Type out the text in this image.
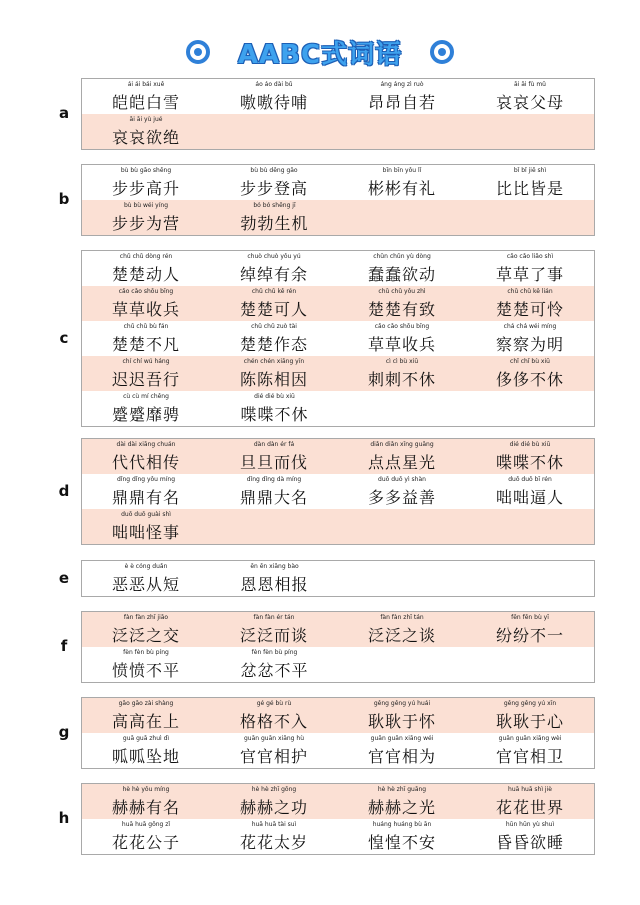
AABC式词语
a
ái ái bái xuě
皑皑白雪
áo áo dài bǔ
嗷嗷待哺
áng áng zì ruò
昂昂自若
āi āi fù mǔ
哀哀父母
āi āi yù jué
哀哀欲绝
b
bù bù gāo shēng
步步高升
bù bù dēng gāo
步步登高
bīn bīn yǒu lǐ
彬彬有礼
bǐ bǐ jiē shì
比比皆是
bù bù wéi yíng
步步为营
bó bó shēng jī
勃勃生机
c
chǔ chǔ dòng rén
楚楚动人
chuò chuò yǒu yú
绰绰有余
chǔn chǔn yù dòng
蠢蠢欲动
cǎo cǎo liǎo shì
草草了事
cǎo cǎo shōu bīng
草草收兵
chǔ chǔ kě rén
楚楚可人
chǔ chǔ yǒu zhì
楚楚有致
chǔ chǔ kě lián
楚楚可怜
chǔ chǔ bù fán
楚楚不凡
chǔ chǔ zuò tài
楚楚作态
cǎo cǎo shōu bīng
草草收兵
chá chá wéi míng
察察为明
chí chí wú háng
迟迟吾行
chén chén xiāng yīn
陈陈相因
cì cì bù xiū
刺刺不休
chǐ chǐ bù xiū
侈侈不休
cù cù mí chěng
蹙蹙靡骋
dié dié bù xiū
喋喋不休
d
dài dài xiāng chuán
代代相传
dàn dàn ér fá
旦旦而伐
diǎn diǎn xīng guāng
点点星光
dié dié bù xiū
喋喋不休
dǐng dǐng yǒu míng
鼎鼎有名
dǐng dǐng dà míng
鼎鼎大名
duō duō yì shàn
多多益善
duō duō bī rén
咄咄逼人
duō duō guài shì
咄咄怪事
e
è è cóng duǎn
恶恶从短
ēn ēn xiāng bào
恩恩相报
f
fàn fàn zhī jiāo
泛泛之交
fàn fàn ér tán
泛泛而谈
fàn fàn zhī tán
泛泛之谈
fēn fēn bù yī
纷纷不一
fèn fèn bù píng
愤愤不平
fèn fèn bù píng
忿忿不平
g
gāo gāo zài shàng
高高在上
gé gé bù rù
格格不入
gěng gěng yú huái
耿耿于怀
gěng gěng yú xīn
耿耿于心
guā guā zhuì dì
呱呱坠地
guān guān xiāng hù
官官相护
guān guān xiāng wéi
官官相为
guān guān xiāng wèi
官官相卫
h
hè hè yǒu míng
赫赫有名
hè hè zhī gōng
赫赫之功
hè hè zhī guāng
赫赫之光
huā huā shì jiè
花花世界
huā huā gōng zǐ
花花公子
huā huā tài suì
花花太岁
huáng huáng bù ān
惶惶不安
hūn hūn yù shuì
昏昏欲睡
